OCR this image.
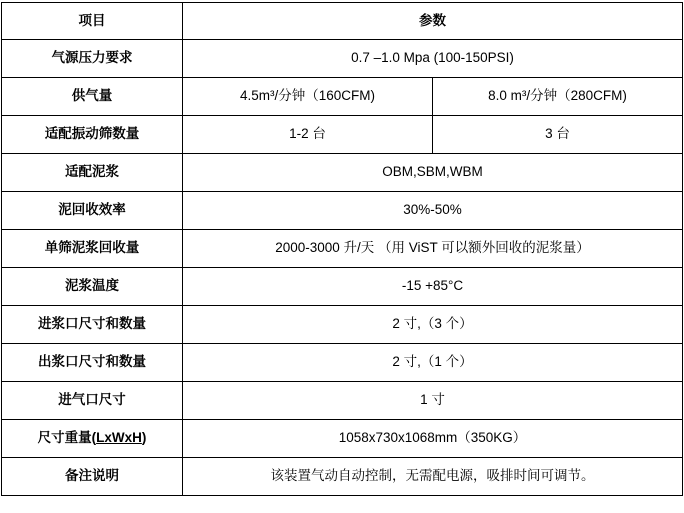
项目	参数	
气源压力要求	0.7 –1.0 Mpa (100-150PSI)	
供气量	4.5m³/分钟（160CFM)	8.0 m³/分钟（280CFM)
适配振动筛数量	1-2 台	3 台
适配泥浆	OBM,SBM,WBM	
泥回收效率	30%-50%	
单筛泥浆回收量	2000-3000 升/天 （用 ViST 可以额外回收的泥浆量）	
泥浆温度	-15 +85°C	
进浆口尺寸和数量	2 寸,（3 个）	
出浆口尺寸和数量	2 寸,（1 个）	
进气口尺寸	1 寸	
尺寸重量(LxWxH)	1058x730x1068mm（350KG）	
备注说明	该装置气动自动控制，无需配电源，吸排时间可调节。	
